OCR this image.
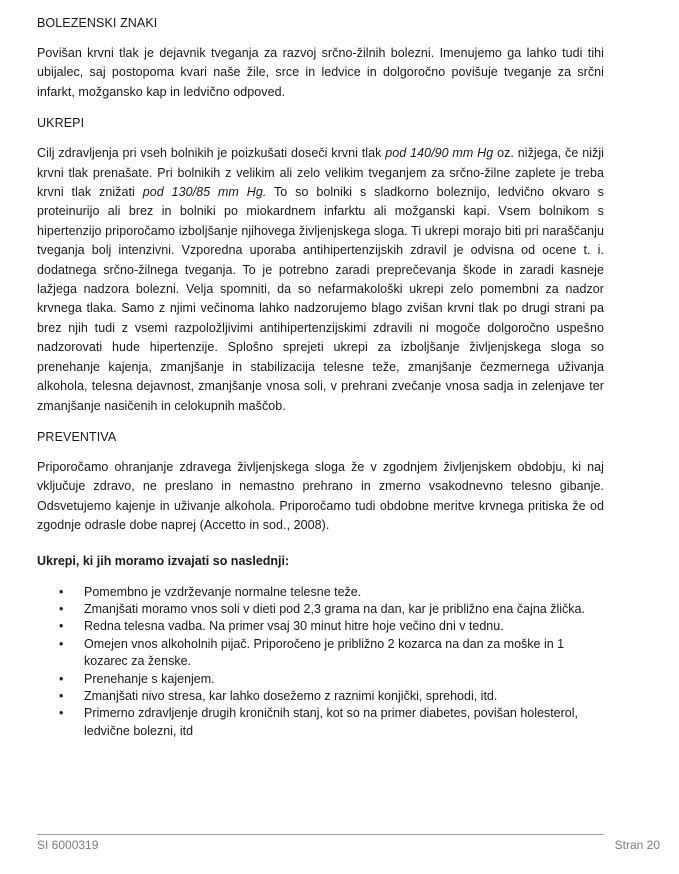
BOLEZENSKI ZNAKI

Povišan krvni tlak je dejavnik tveganja za razvoj srčno-žilnih bolezni. Imenujemo ga lahko tudi tihi ubijalec, saj postopoma kvari naše žile, srce in ledvice in dolgoročno povišuje tveganje za srčni infarkt, možgansko kap in ledvično odpoved.

UKREPI

Cilj zdravljenja pri vseh bolnikih je poizkušati doseči krvni tlak pod 140/90 mm Hg oz. nižjega, če nižji krvni tlak prenašate. Pri bolnikih z velikim ali zelo velikim tveganjem za srčno-žilne zaplete je treba krvni tlak znižati pod 130/85 mm Hg. To so bolniki s sladkorno boleznijo, ledvično okvaro s proteinurijo ali brez in bolniki po miokardnem infarktu ali možganski kapi. Vsem bolnikom s hipertenzijo priporočamo izboljšanje njihovega življenjskega sloga. Ti ukrepi morajo biti pri naraščanju tveganja bolj intenzivni. Vzporedna uporaba antihipertenzijskih zdravil je odvisna od ocene t. i. dodatnega srčno-žilnega tveganja. To je potrebno zaradi preprečevanja škode in zaradi kasneje lažjega nadzora bolezni. Velja spomniti, da so nefarmakološki ukrepi zelo pomembni za nadzor krvnega tlaka. Samo z njimi večinoma lahko nadzorujemo blago zvišan krvni tlak po drugi strani pa brez njih tudi z vsemi razpoložljivimi antihipertenzijskimi zdravili ni mogoče dolgoročno uspešno nadzorovati hude hipertenzije. Splošno sprejeti ukrepi za izboljšanje življenjskega sloga so prenehanje kajenja, zmanjšanje in stabilizacija telesne teže, zmanjšanje čezmernega uživanja alkohola, telesna dejavnost, zmanjšanje vnosa soli, v prehrani zvečanje vnosa sadja in zelenjave ter zmanjšanje nasičenih in celokupnih maščob.

PREVENTIVA

Priporočamo ohranjanje zdravega življenjskega sloga že v zgodnjem življenjskem obdobju, ki naj vključuje zdravo, ne preslano in nemastno prehrano in zmerno vsakodnevno telesno gibanje. Odsvetujemo kajenje in uživanje alkohola. Priporočamo tudi obdobne meritve krvnega pritiska že od zgodnje odrasle dobe naprej (Accetto in sod., 2008).

Ukrepi, ki jih moramo izvajati so naslednji:
• Pomembno je vzdrževanje normalne telesne teže.
• Zmanjšati moramo vnos soli v dieti pod 2,3 grama na dan, kar je približno ena čajna žlička.
• Redna telesna vadba. Na primer vsaj 30 minut hitre hoje večino dni v tednu.
• Omejen vnos alkoholnih pijač. Priporočeno je približno 2 kozarca na dan za moške in 1 kozarec za ženske.
• Prenehanje s kajenjem.
• Zmanjšati nivo stresa, kar lahko dosežemo z raznimi konjički, sprehodi, itd.
• Primerno zdravljenje drugih kroničnih stanj, kot so na primer diabetes, povišan holesterol, ledvične bolezni, itd
SI 6000319	Stran 20
